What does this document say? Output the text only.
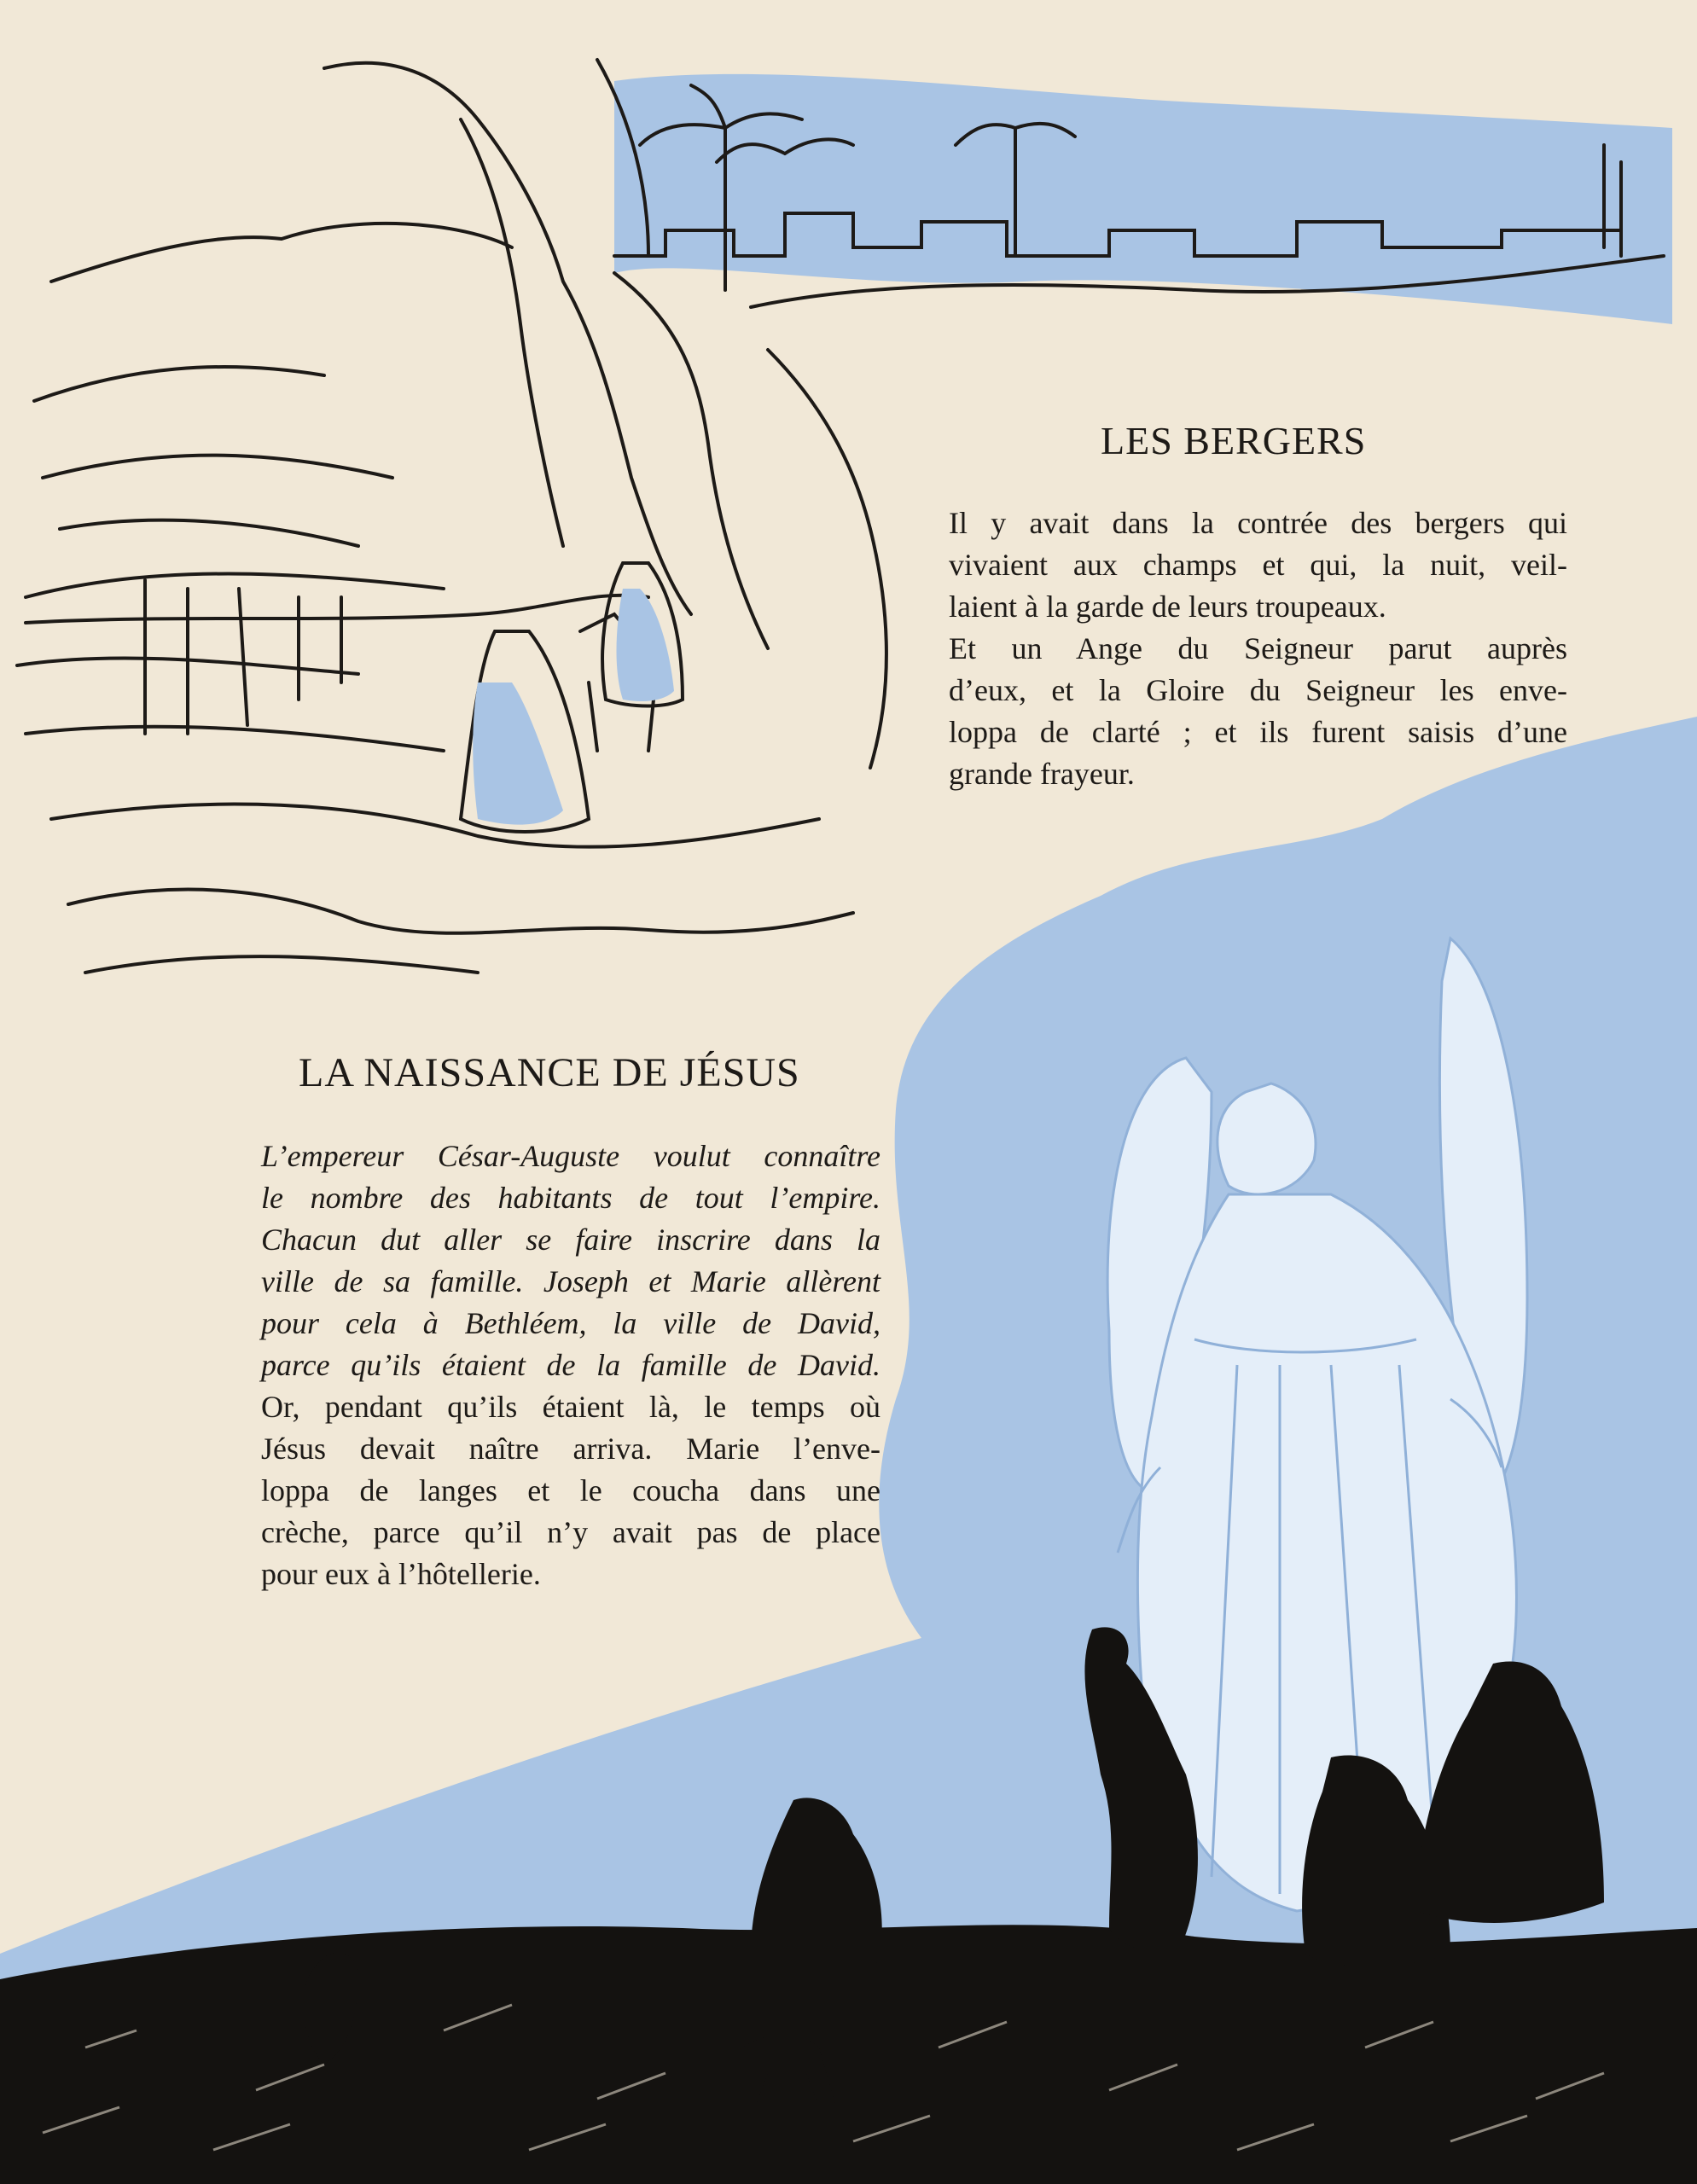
LES BERGERS

Il y avait dans la contrée des bergers qui
vivaient aux champs et qui, la nuit, veil-
laient à la garde de leurs troupeaux.
Et un Ange du Seigneur parut auprès
d’eux, et la Gloire du Seigneur les enve-
loppa de clarté ; et ils furent saisis d’une
grande frayeur.

LA NAISSANCE DE JÉSUS

L’empereur César-Auguste voulut connaître
le nombre des habitants de tout l’empire.
Chacun dut aller se faire inscrire dans la
ville de sa famille. Joseph et Marie allèrent
pour cela à Bethléem, la ville de David,
parce qu’ils étaient de la famille de David.
Or, pendant qu’ils étaient là, le temps où
Jésus devait naître arriva. Marie l’enve-
loppa de langes et le coucha dans une
crèche, parce qu’il n’y avait pas de place
pour eux à l’hôtellerie.
